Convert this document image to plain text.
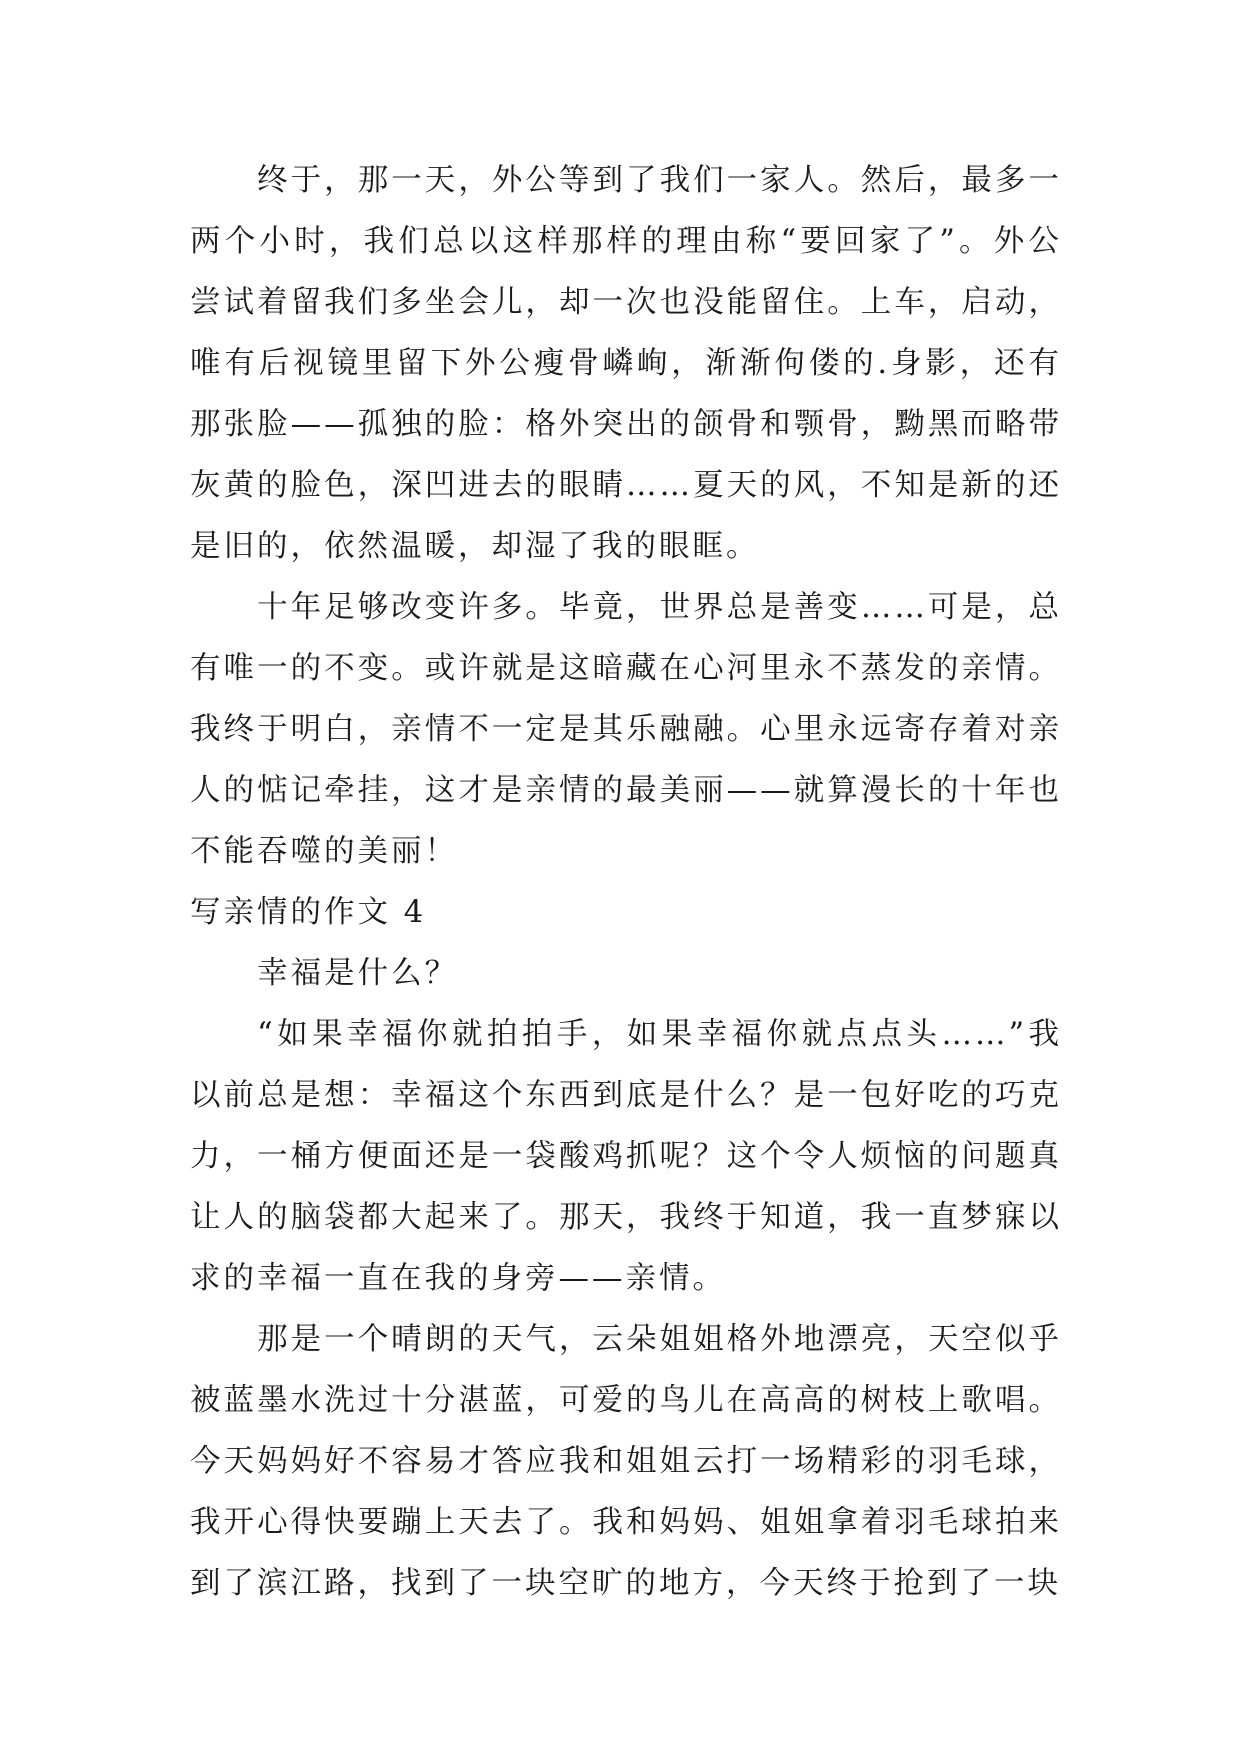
终于，那一天，外公等到了我们一家人。然后，最多一两个小时，我们总以这样那样的理由称“要回家了”。外公尝试着留我们多坐会儿，却一次也没能留住。上车，启动，唯有后视镜里留下外公瘦骨嶙峋，渐渐佝偻的.身影，还有那张脸——孤独的脸：格外突出的颌骨和颚骨，黝黑而略带灰黄的脸色，深凹进去的眼睛……夏天的风，不知是新的还是旧的，依然温暖，却湿了我的眼眶。

十年足够改变许多。毕竟，世界总是善变……可是，总有唯一的不变。或许就是这暗藏在心河里永不蒸发的亲情。我终于明白，亲情不一定是其乐融融。心里永远寄存着对亲人的惦记牵挂，这才是亲情的最美丽——就算漫长的十年也不能吞噬的美丽！

写亲情的作文 4

幸福是什么？

“如果幸福你就拍拍手，如果幸福你就点点头……”我以前总是想：幸福这个东西到底是什么？是一包好吃的巧克力，一桶方便面还是一袋酸鸡抓呢？这个令人烦恼的问题真让人的脑袋都大起来了。那天，我终于知道，我一直梦寐以求的幸福一直在我的身旁——亲情。

那是一个晴朗的天气，云朵姐姐格外地漂亮，天空似乎被蓝墨水洗过十分湛蓝，可爱的鸟儿在高高的树枝上歌唱。今天妈妈好不容易才答应我和姐姐云打一场精彩的羽毛球，我开心得快要蹦上天去了。我和妈妈、姐姐拿着羽毛球拍来到了滨江路，找到了一块空旷的地方，今天终于抢到了一块
